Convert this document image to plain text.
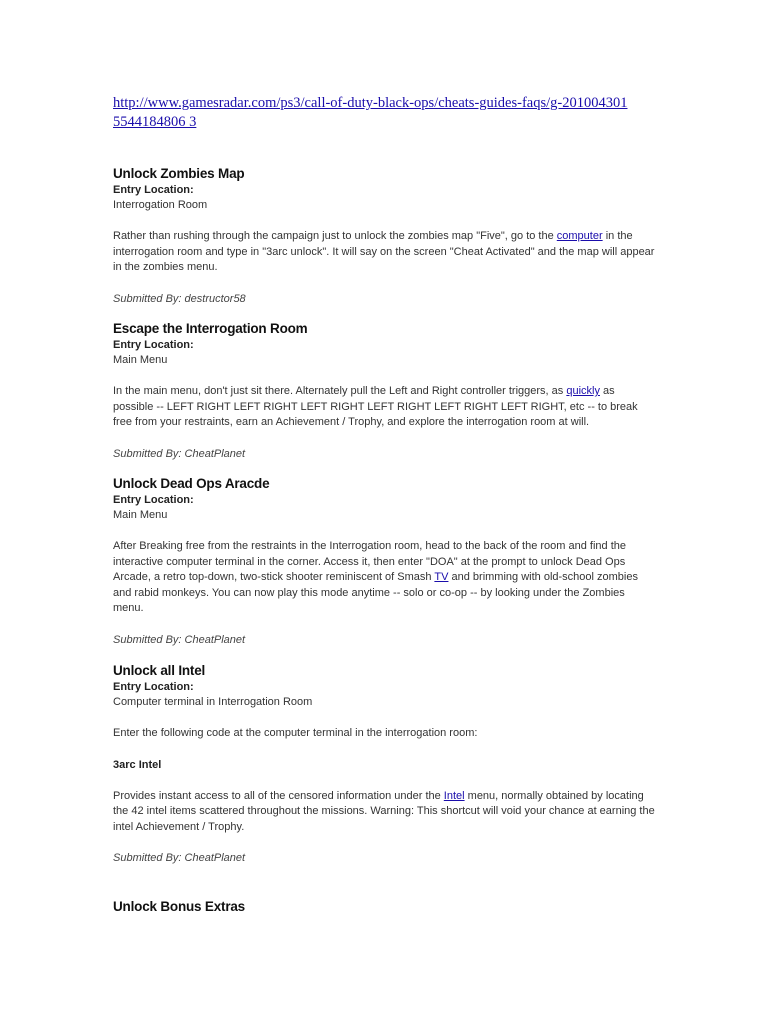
http://www.gamesradar.com/ps3/call-of-duty-black-ops/cheats-guides-faqs/g-2010043015544184806 3
Unlock Zombies Map

Entry Location:

Interrogation Room

Rather than rushing through the campaign just to unlock the zombies map "Five", go to the computer in the interrogation room and type in "3arc unlock". It will say on the screen "Cheat Activated" and the map will appear in the zombies menu.

Submitted By: destructor58

Escape the Interrogation Room

Entry Location:

Main Menu

In the main menu, don't just sit there. Alternately pull the Left and Right controller triggers, as quickly as possible -- LEFT RIGHT LEFT RIGHT LEFT RIGHT LEFT RIGHT LEFT RIGHT LEFT RIGHT, etc -- to break free from your restraints, earn an Achievement / Trophy, and explore the interrogation room at will.

Submitted By: CheatPlanet

Unlock Dead Ops Aracde

Entry Location:

Main Menu

After Breaking free from the restraints in the Interrogation room, head to the back of the room and find the interactive computer terminal in the corner. Access it, then enter "DOA" at the prompt to unlock Dead Ops Arcade, a retro top-down, two-stick shooter reminiscent of Smash TV and brimming with old-school zombies and rabid monkeys. You can now play this mode anytime -- solo or co-op -- by looking under the Zombies menu.

Submitted By: CheatPlanet

Unlock all Intel

Entry Location:

Computer terminal in Interrogation Room

Enter the following code at the computer terminal in the interrogation room:

3arc Intel

Provides instant access to all of the censored information under the Intel menu, normally obtained by locating the 42 intel items scattered throughout the missions. Warning: This shortcut will void your chance at earning the intel Achievement / Trophy.

Submitted By: CheatPlanet

Unlock Bonus Extras
